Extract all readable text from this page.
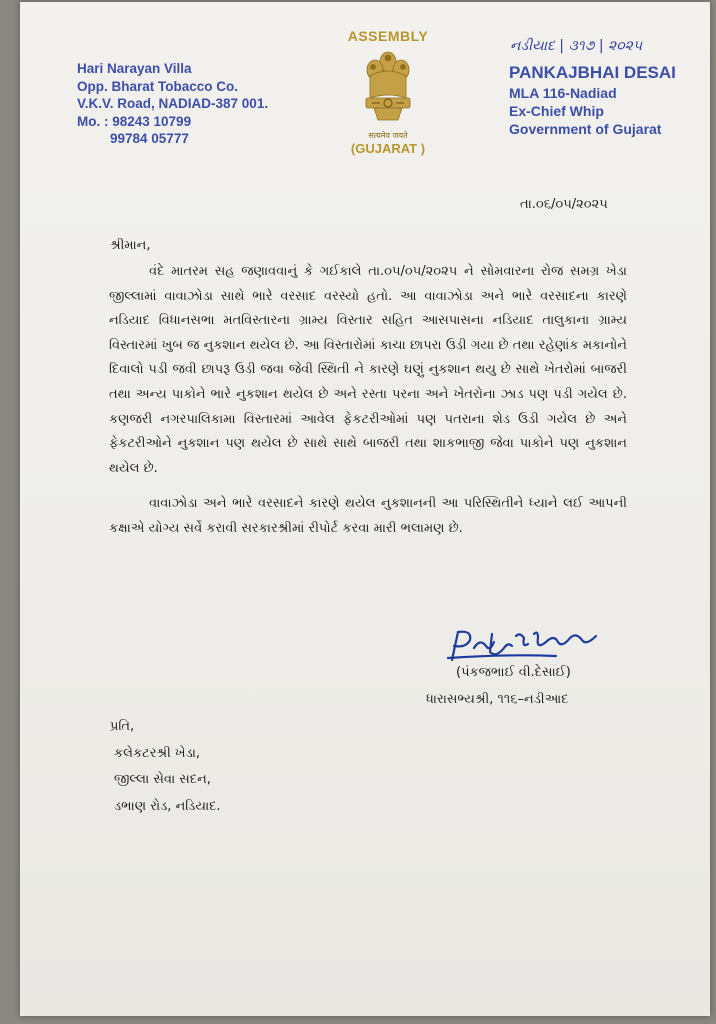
Hari Narayan Villa
Opp. Bharat Tobacco Co.
V.K.V. Road, NADIAD-387 001.
Mo. : 98243 10799
99784 05777
ASSEMBLY
सत्यमेव जयते
(GUJARAT )
નડીયાદ | ૩૧૭ | ૨૦૨૫
PANKAJBHAI DESAI
MLA 116-Nadiad
Ex-Chief Whip
Government of Gujarat
તા.૦૬/૦૫/૨૦૨૫
શ્રીમાન,

વંદે માતરમ સહ જણાવવાનું કે ગઈકાલે તા.૦૫/૦૫/૨૦૨૫ ને સોમવારના રોજ સમગ્ર ખેડા જીલ્લામાં વાવાઝોડા સાથે ભારે વરસાદ વરસ્યો હતો. આ વાવાઝોડા અને ભારે વરસાદના કારણે નડિયાદ વિધાનસભા મતવિસ્તારના ગ્રામ્ય વિસ્તાર સહિત આસપાસના નડિયાદ તાલુકાના ગ્રામ્ય વિસ્તારમાં ખુબ જ નુકશાન થયેલ છે. આ વિસ્તારોમાં કાચા છાપરા ઉડી ગયા છે તથા રહેણાંક મકાનોને દિવાલો પડી જવી છાપરૂ ઉડી જવા જેવી સ્થિતી ને કારણે ઘણું નુકશાન થયુ છે સાથે ખેતરોમાં બાજરી તથા અન્ય પાકોને ભારે નુકશાન થયેલ છે અને રસ્તા પરના અને ખેતરોના ઝાડ પણ પડી ગયેલ છે. કણજરી નગરપાલિકામા વિસ્તારમાં આવેલ ફેકટરીઓમાં પણ પતરાના શેડ ઉડી ગયેલ છે અને ફેકટરીઓને નુકશાન પણ થયેલ છે સાથે સાથે બાજરી તથા શાકભાજી જેવા પાકોને પણ નુકશાન થયેલ છે.

વાવાઝોડા અને ભારે વરસાદને કારણે થયેલ નુકશાનની આ પરિસ્થિતીને ધ્યાને લઈ આપની કક્ષાએ યોગ્ય સર્વે કરાવી સરકારશ્રીમાં રીપોર્ટ કરવા મારી ભલામણ છે.

(પંકજભાઈ વી.દેસાઈ)
ધારાસભ્યશ્રી, ૧૧૬–નડીઆદ
પ્રતિ,
કલેકટરશ્રી ખેડા,
જીલ્લા સેવા સદન,
ડભાણ રોડ, નડિયાદ.
